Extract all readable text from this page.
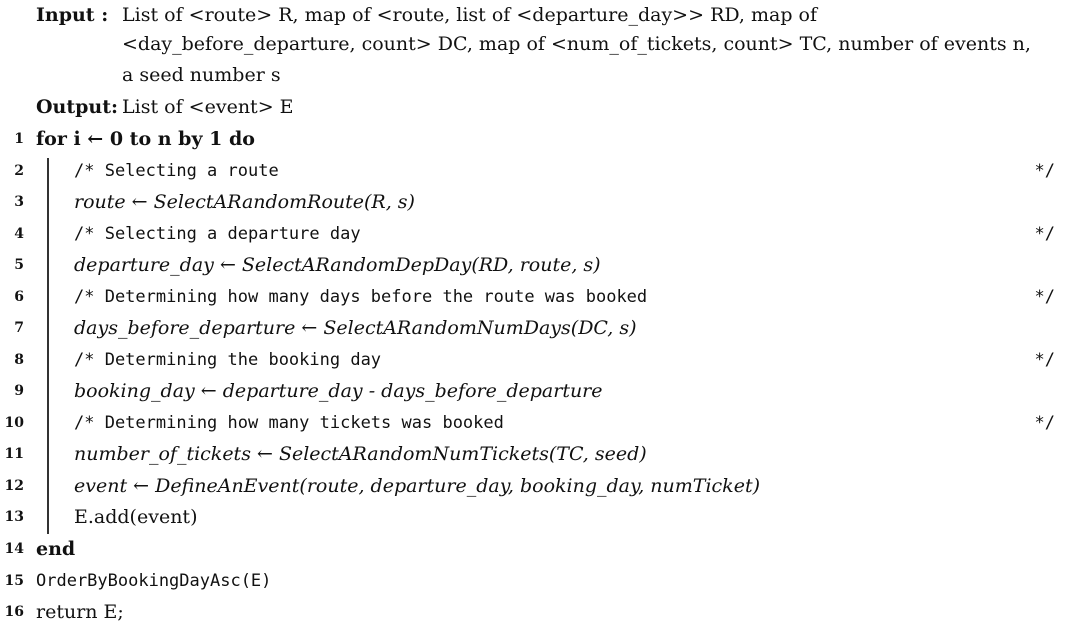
Input : List of <route> R, map of <route, list of <departure_day>> RD, map of
<day_before_departure, count> DC, map of <num_of_tickets, count> TC, number of events n,
a seed number s
Output: List of <event> E
1 for i ← 0 to n by 1 do
2	/* Selecting a route	*/
3	route ← SelectARandomRoute(R, s)
4	/* Selecting a departure day	*/
5	departure_day ← SelectARandomDepDay(RD, route, s)
6	/* Determining how many days before the route was booked	*/
7	days_before_departure ← SelectARandomNumDays(DC, s)
8	/* Determining the booking day	*/
9	booking_day ← departure_day - days_before_departure
10	/* Determining how many tickets was booked	*/
11	number_of_tickets ← SelectARandomNumTickets(TC, seed)
12	event ← DefineAnEvent(route, departure_day, booking_day, numTicket)
13	E.add(event)
14 end
15 OrderByBookingDayAsc(E)
16 return E;
